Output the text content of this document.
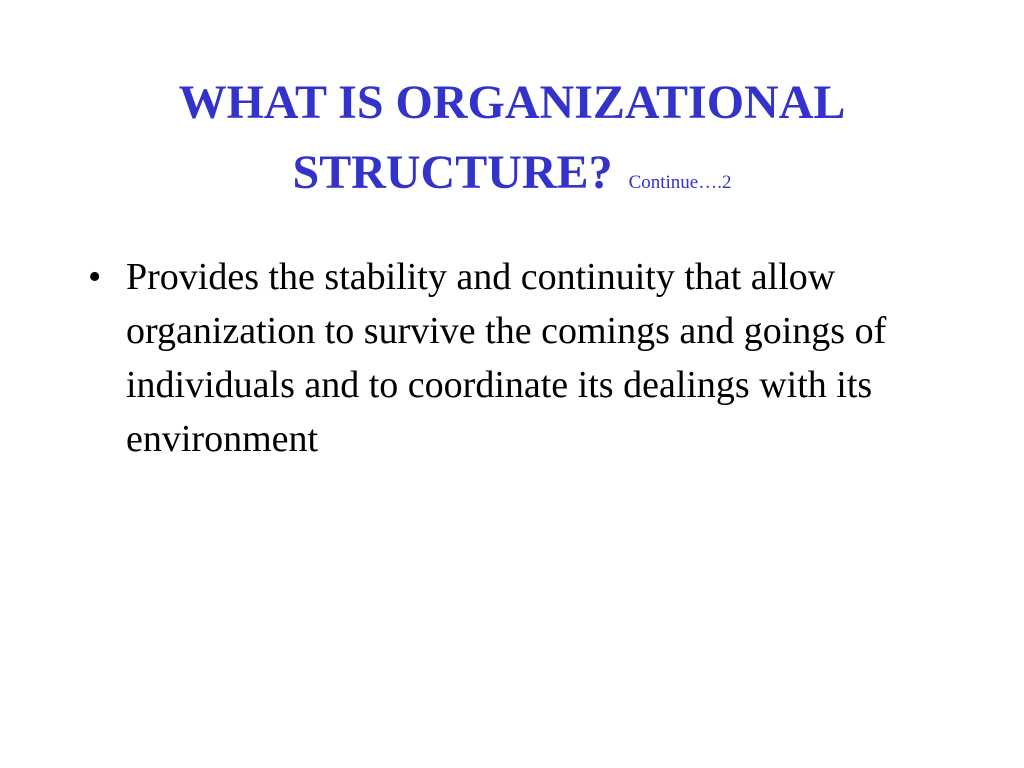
WHAT IS ORGANIZATIONAL
STRUCTURE? Continue….2
• Provides the stability and continuity that allow organization to survive the comings and goings of individuals and to coordinate its dealings with its environment
